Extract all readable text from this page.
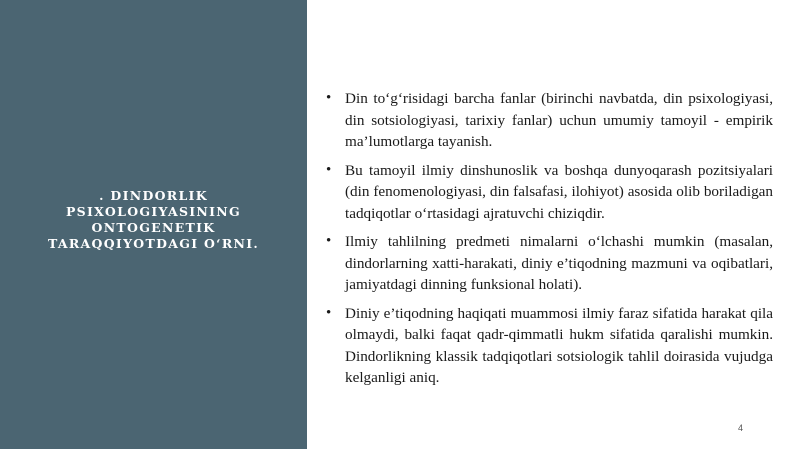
. DINDORLIK PSIXOLOGIYASINING ONTOGENETIK TARAQQIYOTDAGI O‘RNI.
• Din to‘g‘risidagi barcha fanlar (birinchi navbatda, din psixologiyasi, din sotsiologiyasi, tarixiy fanlar) uchun umumiy tamoyil - empirik ma’lumotlarga tayanish.
• Bu tamoyil ilmiy dinshunoslik va boshqa dunyoqarash pozitsiyalari (din fenomenologiyasi, din falsafasi, ilohiyot) asosida olib boriladigan tadqiqotlar o‘rtasidagi ajratuvchi chiziqdir.
• Ilmiy tahlilning predmeti nimalarni o‘lchashi mumkin (masalan, dindorlarning xatti-harakati, diniy e’tiqodning mazmuni va oqibatlari, jamiyatdagi dinning funksional holati).
• Diniy e’tiqodning haqiqati muammosi ilmiy faraz sifatida harakat qila olmaydi, balki faqat qadr-qimmatli hukm sifatida qaralishi mumkin. Dindorlikning klassik tadqiqotlari sotsiologik tahlil doirasida vujudga kelganligi aniq.
4
